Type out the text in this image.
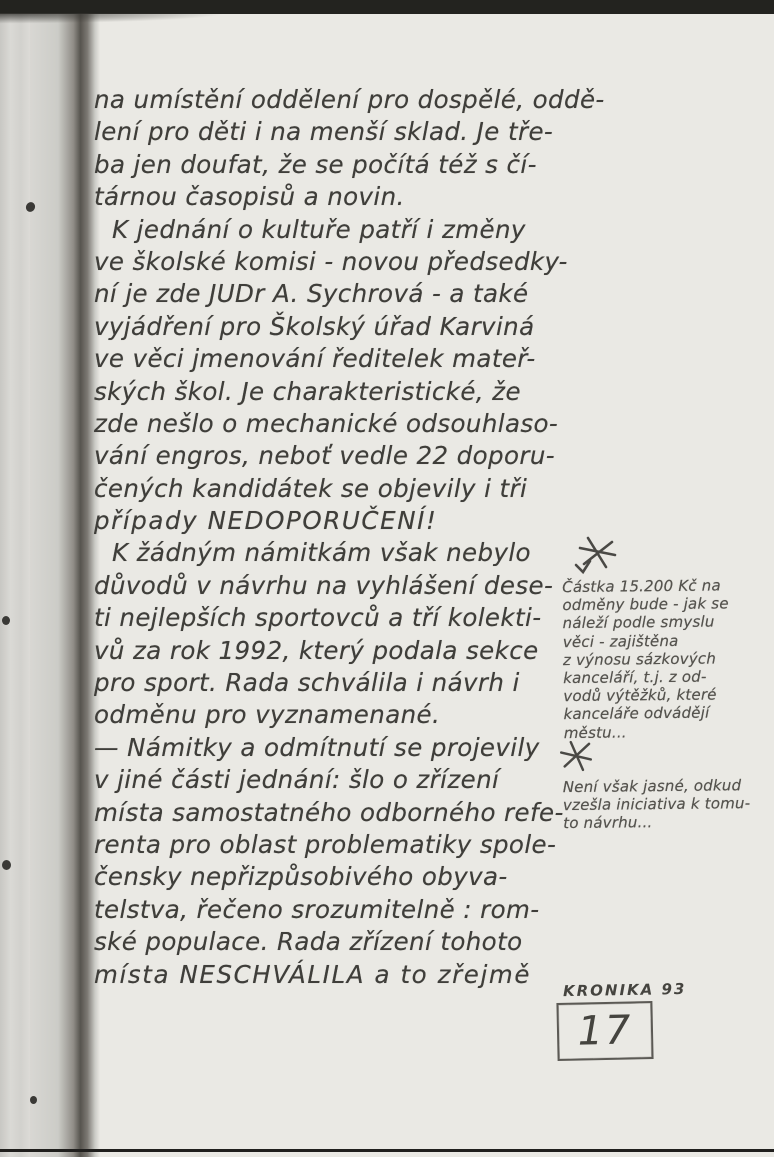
na umístění oddělení pro dospělé, oddě-
lení pro děti i na menší sklad. Je tře-
ba jen doufat, že se počítá též s čí-
tárnou časopisů a novin.
K jednání o kultuře patří i změny
ve školské komisi - novou předsedky-
ní je zde JUDr A. Sychrová - a také
vyjádření pro Školský úřad Karviná
ve věci jmenování ředitelek mateř-
ských škol. Je charakteristické, že
zde nešlo o mechanické odsouhlaso-
vání engros, neboť vedle 22 doporu-
čených kandidátek se objevily i tři
případy NEDOPORUČENÍ!
K žádným námitkám však nebylo
důvodů v návrhu na vyhlášení dese-
ti nejlepších sportovců a tří kolekti-
vů za rok 1992, který podala sekce
pro sport. Rada schválila i návrh i
odměnu pro vyznamenané.
— Námitky a odmítnutí se projevily
v jiné části jednání: šlo o zřízení
místa samostatného odborného refe-
renta pro oblast problematiky spole-
čensky nepřizpůsobivého obyva-
telstva, řečeno srozumitelně : rom-
ské populace. Rada zřízení tohoto
místa NESCHVÁLILA a to zřejmě
Částka 15.200 Kč na
odměny bude - jak se
náleží podle smyslu
věci - zajištěna
z výnosu sázkových
kanceláří, t.j. z od-
vodů výtěžků, které
kanceláře odvádějí
městu...
Není však jasné, odkud
vzešla iniciativa k tomu-
to návrhu...
KRONIKA 93
17
